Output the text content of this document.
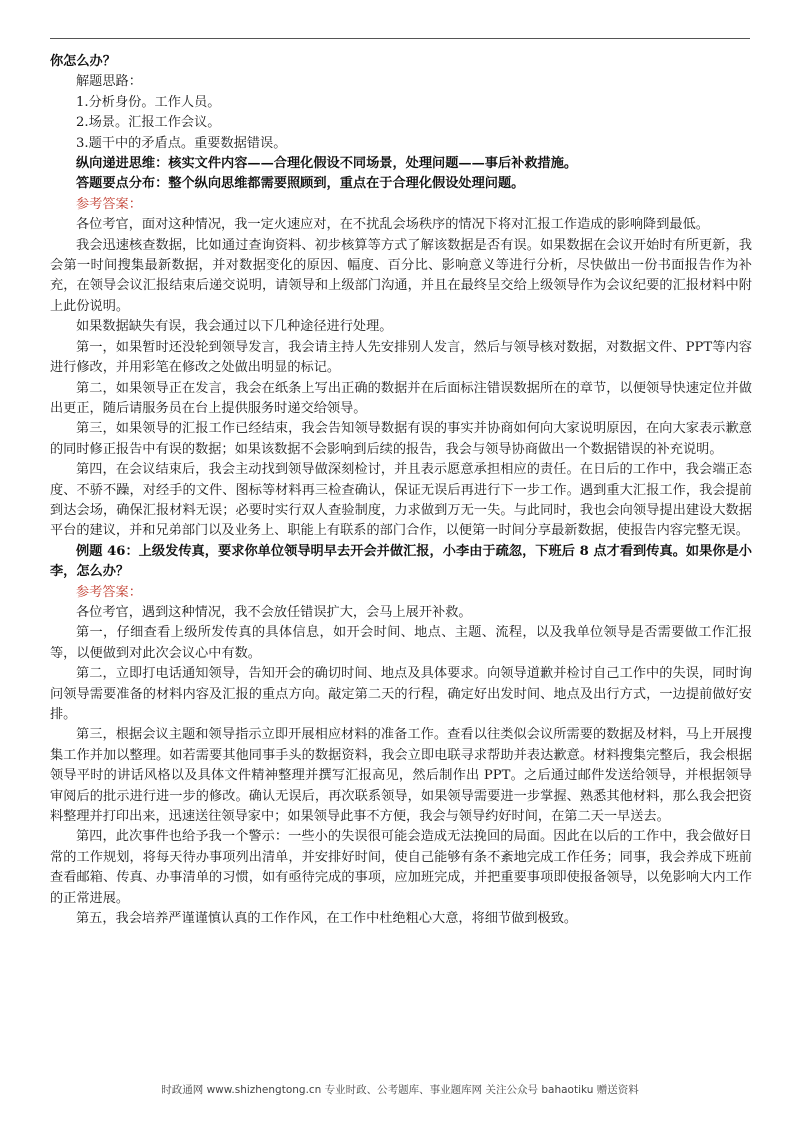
你怎么办？

解题思路：

1.分析身份。工作人员。

2.场景。汇报工作会议。

3.题干中的矛盾点。重要数据错误。

纵向递进思维：核实文件内容——合理化假设不同场景，处理问题——事后补救措施。

答题要点分布：整个纵向思维都需要照顾到，重点在于合理化假设处理问题。

参考答案：

各位考官，面对这种情况，我一定火速应对，在不扰乱会场秩序的情况下将对汇报工作造成的影响降到最低。

我会迅速核查数据，比如通过查询资料、初步核算等方式了解该数据是否有误。如果数据在会议开始时有所更新，我会第一时间搜集最新数据，并对数据变化的原因、幅度、百分比、影响意义等进行分析，尽快做出一份书面报告作为补充，在领导会议汇报结束后递交说明，请领导和上级部门沟通，并且在最终呈交给上级领导作为会议纪要的汇报材料中附上此份说明。

如果数据缺失有误，我会通过以下几种途径进行处理。

第一，如果暂时还没轮到领导发言，我会请主持人先安排别人发言，然后与领导核对数据，对数据文件、PPT等内容进行修改，并用彩笔在修改之处做出明显的标记。

第二，如果领导正在发言，我会在纸条上写出正确的数据并在后面标注错误数据所在的章节，以便领导快速定位并做出更正，随后请服务员在台上提供服务时递交给领导。

第三，如果领导的汇报工作已经结束，我会告知领导数据有误的事实并协商如何向大家说明原因，在向大家表示歉意的同时修正报告中有误的数据；如果该数据不会影响到后续的报告，我会与领导协商做出一个数据错误的补充说明。

第四，在会议结束后，我会主动找到领导做深刻检讨，并且表示愿意承担相应的责任。在日后的工作中，我会端正态度、不骄不躁，对经手的文件、图标等材料再三检查确认，保证无误后再进行下一步工作。遇到重大汇报工作，我会提前到达会场，确保汇报材料无误；必要时实行双人查验制度，力求做到万无一失。与此同时，我也会向领导提出建设大数据平台的建议，并和兄弟部门以及业务上、职能上有联系的部门合作，以便第一时间分享最新数据，使报告内容完整无误。

例题 46：上级发传真，要求你单位领导明早去开会并做汇报，小李由于疏忽，下班后 8 点才看到传真。如果你是小李，怎么办？

参考答案：

各位考官，遇到这种情况，我不会放任错误扩大，会马上展开补救。

第一，仔细查看上级所发传真的具体信息，如开会时间、地点、主题、流程，以及我单位领导是否需要做工作汇报等，以便做到对此次会议心中有数。

第二，立即打电话通知领导，告知开会的确切时间、地点及具体要求。向领导道歉并检讨自己工作中的失误，同时询问领导需要准备的材料内容及汇报的重点方向。敲定第二天的行程，确定好出发时间、地点及出行方式，一边提前做好安排。

第三，根据会议主题和领导指示立即开展相应材料的准备工作。查看以往类似会议所需要的数据及材料，马上开展搜集工作并加以整理。如若需要其他同事手头的数据资料，我会立即电联寻求帮助并表达歉意。材料搜集完整后，我会根据领导平时的讲话风格以及具体文件精神整理并撰写汇报高见，然后制作出 PPT。之后通过邮件发送给领导，并根据领导审阅后的批示进行进一步的修改。确认无误后，再次联系领导，如果领导需要进一步掌握、熟悉其他材料，那么我会把资料整理并打印出来，迅速送往领导家中；如果领导此事不方便，我会与领导约好时间，在第二天一早送去。

第四，此次事件也给予我一个警示：一些小的失误很可能会造成无法挽回的局面。因此在以后的工作中，我会做好日常的工作规划，将每天待办事项列出清单，并安排好时间，使自己能够有条不紊地完成工作任务；同事，我会养成下班前查看邮箱、传真、办事清单的习惯，如有亟待完成的事项，应加班完成，并把重要事项即使报备领导，以免影响大内工作的正常进展。

第五，我会培养严谨谨慎认真的工作作风，在工作中杜绝粗心大意，将细节做到极致。

时政通网 www.shizhengtong.cn 专业时政、公考题库、事业题库网 关注公众号 bahaotiku 赠送资料
